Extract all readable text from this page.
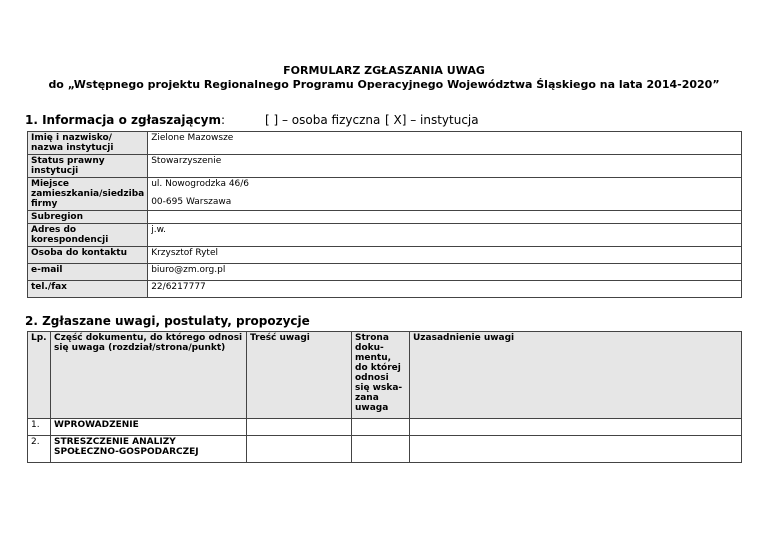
FORMULARZ ZGŁASZANIA UWAG
do „Wstępnego projektu Regionalnego Programu Operacyjnego Województwa Śląskiego na lata 2014-2020”
1. Informacja o zgłaszającym:	[ ] – osoba fizyczna [ X] – instytucja
Imię i nazwisko/ nazwa instytucji	Zielone Mazowsze
Status prawny instytucji	Stowarzyszenie
Miejsce zamieszkania/siedziba firmy	ul. Nowogrodzka 46/6
00-695 Warszawa

Subregion	
Adres do korespondencji	j.w.
Osoba do kontaktu	Krzysztof Rytel
e-mail	biuro@zm.org.pl
tel./fax	22/6217777
2. Zgłaszane uwagi, postulaty, propozycje
Lp.	Część dokumentu, do którego odnosi się uwaga (rozdział/strona/punkt)	Treść uwagi	Strona doku-mentu, do której odnosi się wska-zana uwaga	Uzasadnienie uwagi
1.	WPROWADZENIE			
2.	STRESZCZENIE ANALIZY SPOŁECZNO-GOSPODARCZEJ			
